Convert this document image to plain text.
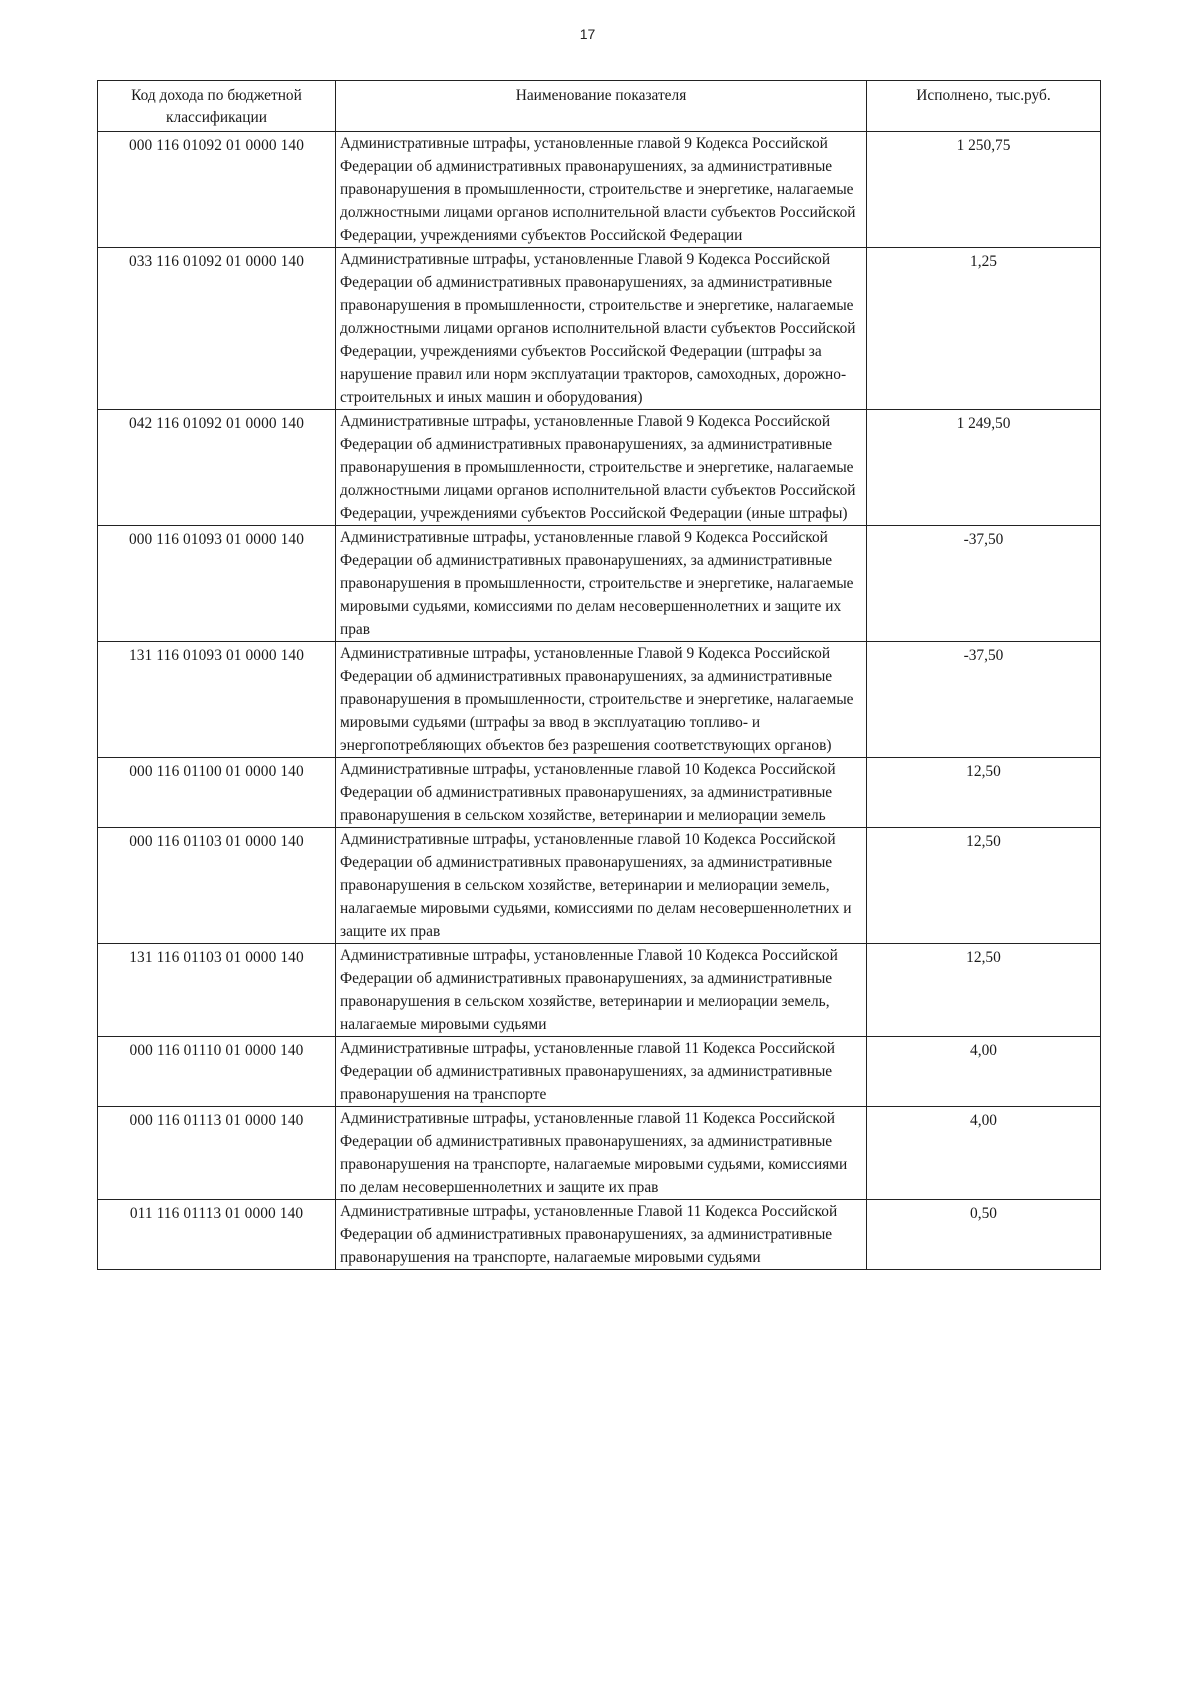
17
Код дохода по бюджетной классификации	Наименование показателя	Исполнено, тыс.руб.
000 116 01092 01 0000 140	Административные штрафы, установленные главой 9 Кодекса Российской Федерации об административных правонарушениях, за административные правонарушения в промышленности, строительстве и энергетике, налагаемые должностными лицами органов исполнительной власти субъектов Российской Федерации, учреждениями субъектов Российской Федерации	1 250,75
033 116 01092 01 0000 140	Административные штрафы, установленные Главой 9 Кодекса Российской Федерации об административных правонарушениях, за административные правонарушения в промышленности, строительстве и энергетике, налагаемые должностными лицами органов исполнительной власти субъектов Российской Федерации, учреждениями субъектов Российской Федерации (штрафы за нарушение правил или норм эксплуатации тракторов, самоходных, дорожно-строительных и иных машин и оборудования)	1,25
042 116 01092 01 0000 140	Административные штрафы, установленные Главой 9 Кодекса Российской Федерации об административных правонарушениях, за административные правонарушения в промышленности, строительстве и энергетике, налагаемые должностными лицами органов исполнительной власти субъектов Российской Федерации, учреждениями субъектов Российской Федерации (иные штрафы)	1 249,50
000 116 01093 01 0000 140	Административные штрафы, установленные главой 9 Кодекса Российской Федерации об административных правонарушениях, за административные правонарушения в промышленности, строительстве и энергетике, налагаемые мировыми судьями, комиссиями по делам несовершеннолетних и защите их прав	-37,50
131 116 01093 01 0000 140	Административные штрафы, установленные Главой 9 Кодекса Российской Федерации об административных правонарушениях, за административные правонарушения в промышленности, строительстве и энергетике, налагаемые мировыми судьями (штрафы за ввод в эксплуатацию топливо- и энергопотребляющих объектов без разрешения соответствующих органов)	-37,50
000 116 01100 01 0000 140	Административные штрафы, установленные главой 10 Кодекса Российской Федерации об административных правонарушениях, за административные правонарушения в сельском хозяйстве, ветеринарии и мелиорации земель	12,50
000 116 01103 01 0000 140	Административные штрафы, установленные главой 10 Кодекса Российской Федерации об административных правонарушениях, за административные правонарушения в сельском хозяйстве, ветеринарии и мелиорации земель, налагаемые мировыми судьями, комиссиями по делам несовершеннолетних и защите их прав	12,50
131 116 01103 01 0000 140	Административные штрафы, установленные Главой 10 Кодекса Российской Федерации об административных правонарушениях, за административные правонарушения в сельском хозяйстве, ветеринарии и мелиорации земель, налагаемые мировыми судьями	12,50
000 116 01110 01 0000 140	Административные штрафы, установленные главой 11 Кодекса Российской Федерации об административных правонарушениях, за административные правонарушения на транспорте	4,00
000 116 01113 01 0000 140	Административные штрафы, установленные главой 11 Кодекса Российской Федерации об административных правонарушениях, за административные правонарушения на транспорте, налагаемые мировыми судьями, комиссиями по делам несовершеннолетних и защите их прав	4,00
011 116 01113 01 0000 140	Административные штрафы, установленные Главой 11 Кодекса Российской Федерации об административных правонарушениях, за административные правонарушения на транспорте, налагаемые мировыми судьями	0,50
